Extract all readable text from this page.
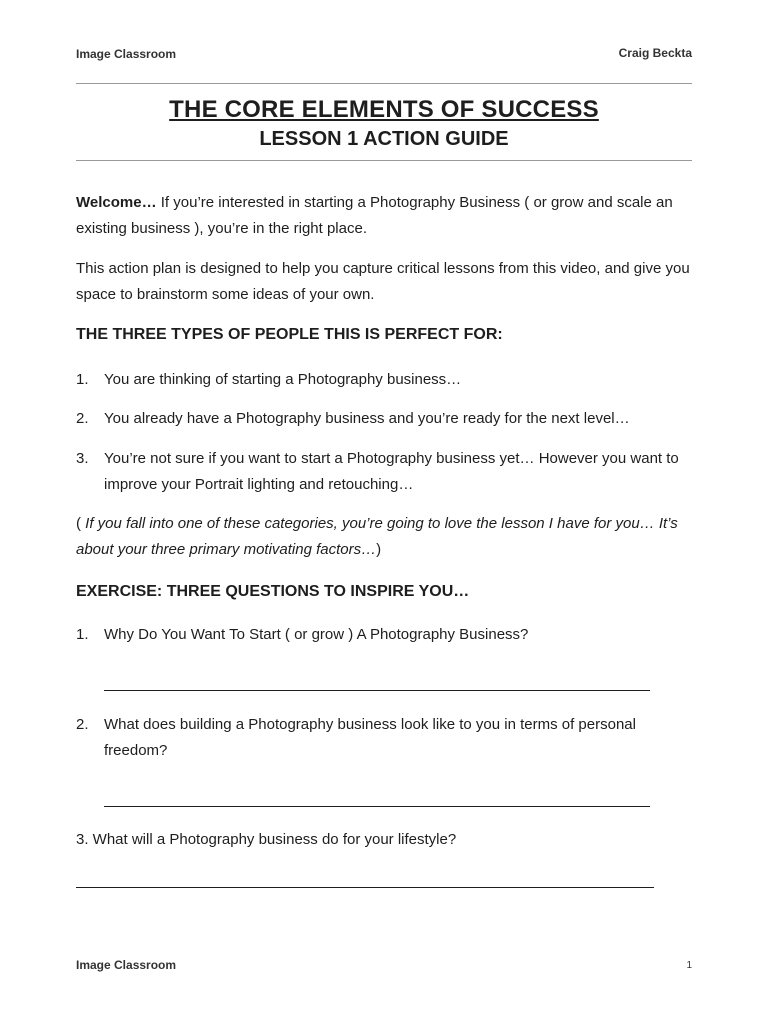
Image Classroom	Craig Beckta
THE CORE ELEMENTS OF SUCCESS
LESSON 1 ACTION GUIDE

Welcome… If you’re interested in starting a Photography Business ( or grow and scale an existing business ), you’re in the right place.

This action plan is designed to help you capture critical lessons from this video, and give you space to brainstorm some ideas of your own.

THE THREE TYPES OF PEOPLE THIS IS PERFECT FOR:
1. You are thinking of starting a Photography business…
2. You already have a Photography business and you’re ready for the next level…
3. You’re not sure if you want to start a Photography business yet… However you want to improve your Portrait lighting and retouching…
( If you fall into one of these categories, you’re going to love the lesson I have for you… It’s about your three primary motivating factors…)
EXERCISE: THREE QUESTIONS TO INSPIRE YOU…
1. Why Do You Want To Start ( or grow ) A Photography Business?
2. What does building a Photography business look like to you in terms of personal freedom?
3. What will a Photography business do for your lifestyle?
Image Classroom	1
